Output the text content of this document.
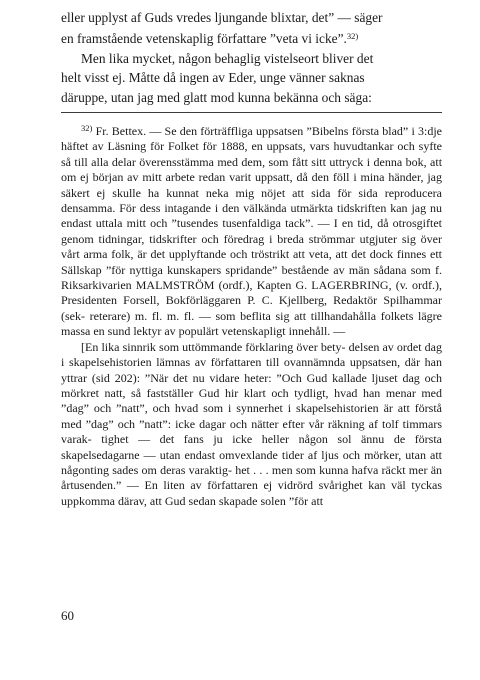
eller upplyst af Guds vredes ljungande blixtar, det” — säger

en framstående vetenskaplig författare ”veta vi icke”.$^{32)}$

Men lika mycket, någon behaglig vistelseort bliver det

helt visst ej. Måtte då ingen av Eder, unge vänner saknas

däruppe, utan jag med glatt mod kunna bekänna och säga:

$^{32)}$ Fr. Bettex. — Se den förträffliga uppsatsen ”Bibelns första blad” i 3:dje häftet av Läsning för Folket för 1888, en uppsats, vars huvudtankar och syfte så till alla delar överensstämma med dem, som fått sitt uttryck i denna bok, att om ej början av mitt arbete redan varit uppsatt, då den föll i mina händer, jag säkert ej skulle ha kunnat neka mig nöjet att sida för sida reproducera densamma. För dess intagande i den välkända utmärkta tidskriften kan jag nu endast uttala mitt och ”tusendes tusenfaldiga tack”. — I en tid, då otrosgiftet genom tidningar, tidskrifter och föredrag i breda strömmar utgjuter sig över vårt arma folk, är det upplyftande och tröstrikt att veta, att det dock finnes ett Sällskap ”för nyttiga kunskapers spridande” bestående av män sådana som f. Riksarkivarien MALMSTRÖM (ordf.), Kapten G. LAGERBRING, (v. ordf.), Presidenten Forsell, Bokförläggaren P. C. Kjellberg, Redaktör Spilhammar (sek- reterare) m. fl. m. fl. — som beflita sig att tillhandahålla folkets lägre massa en sund lektyr av populärt vetenskapligt innehåll. —

[En lika sinnrik som uttömmande förklaring över bety- delsen av ordet dag i skapelsehistorien lämnas av författaren till ovannämnda uppsatsen, där han yttrar (sid 202): ”När det nu vidare heter: ”Och Gud kallade ljuset dag och mörkret natt, så fastställer Gud hir klart och tydligt, hvad han menar med ”dag” och ”natt”, och hvad som i synnerhet i skapelsehistorien är att förstå med ”dag” och ”natt”: icke dagar och nätter efter vår räkning af tolf timmars varak- tighet — det fans ju icke heller någon sol ännu de första skapelsedagarne — utan endast omvexlande tider af ljus och mörker, utan att någonting sades om deras varaktig- het . . . men som kunna hafva räckt mer än årtusenden.” — En liten av författaren ej vidrörd svårighet kan väl tyckas uppkomma därav, att Gud sedan skapade solen ”för att

60
